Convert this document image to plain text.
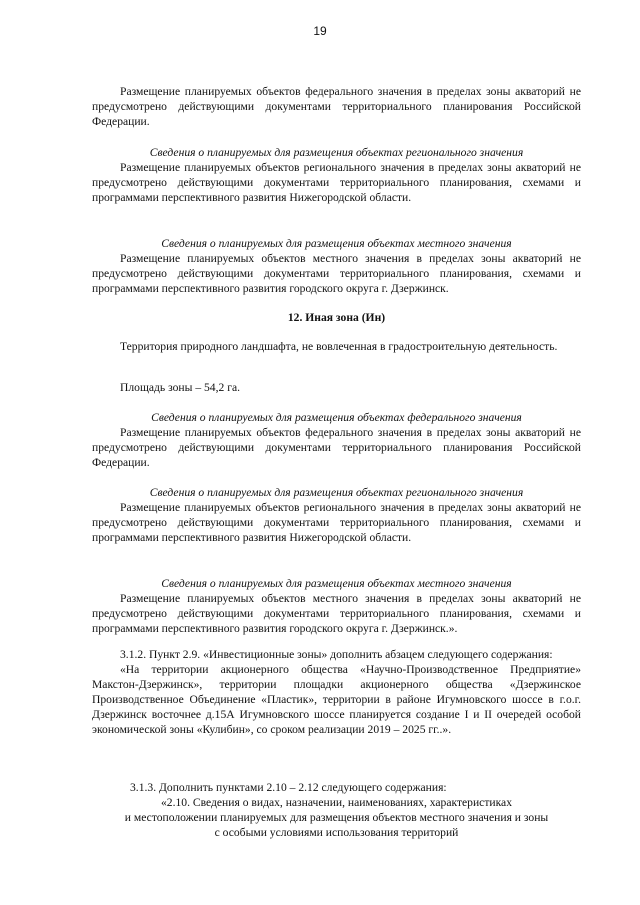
19

Размещение планируемых объектов федерального значения в пределах зоны акваторий не предусмотрено действующими документами территориального планирования Российской Федерации.

Сведения о планируемых для размещения объектах регионального значения

Размещение планируемых объектов регионального значения в пределах зоны акваторий не предусмотрено действующими документами территориального планирования, схемами и программами перспективного развития Нижегородской области.

Сведения о планируемых для размещения объектах местного значения

Размещение планируемых объектов местного значения в пределах зоны акваторий не предусмотрено действующими документами территориального планирования, схемами и программами перспективного развития городского округа г. Дзержинск.

12. Иная зона (Ин)

Территория природного ландшафта, не вовлеченная в градостроительную деятельность.

Площадь зоны – 54,2 га.

Сведения о планируемых для размещения объектах федерального значения

Размещение планируемых объектов федерального значения в пределах зоны акваторий не предусмотрено действующими документами территориального планирования Российской Федерации.

Сведения о планируемых для размещения объектах регионального значения

Размещение планируемых объектов регионального значения в пределах зоны акваторий не предусмотрено действующими документами территориального планирования, схемами и программами перспективного развития Нижегородской области.

Сведения о планируемых для размещения объектах местного значения

Размещение планируемых объектов местного значения в пределах зоны акваторий не предусмотрено действующими документами территориального планирования, схемами и программами перспективного развития городского округа г. Дзержинск.».

3.1.2. Пункт 2.9. «Инвестиционные зоны» дополнить абзацем следующего содержания:

«На территории акционерного общества «Научно-Производственное Предприятие» Макстон-Дзержинск», территории площадки акционерного общества «Дзержинское Производственное Объединение «Пластик», территории в районе Игумновского шоссе в г.о.г. Дзержинск восточнее д.15А Игумновского шоссе планируется создание I и II очередей особой экономической зоны «Кулибин», со сроком реализации 2019 – 2025 гг..».

3.1.3. Дополнить пунктами 2.10 – 2.12 следующего содержания:

«2.10. Сведения о видах, назначении, наименованиях, характеристиках

и местоположении планируемых для размещения объектов местного значения и зоны

с особыми условиями использования территорий
